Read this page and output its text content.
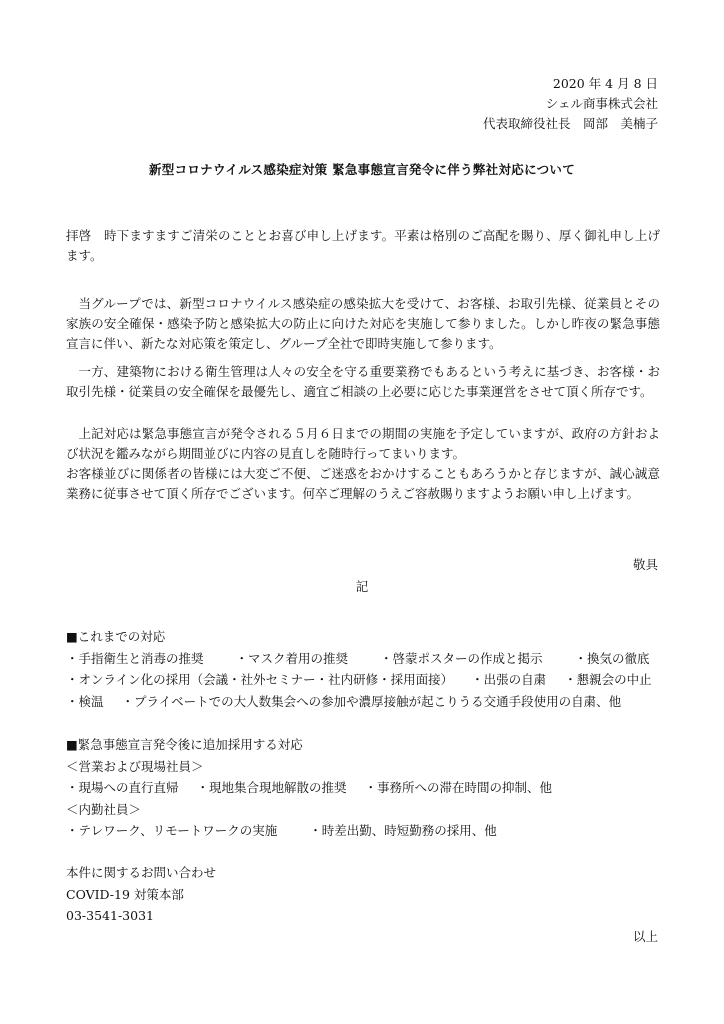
2020 年 4 月 8 日
シェル商事株式会社
代表取締役社長　岡部　美楠子
新型コロナウイルス感染症対策 緊急事態宣言発令に伴う弊社対応について
拝啓　時下ますますご清栄のこととお喜び申し上げます。平素は格別のご高配を賜り、厚く御礼申し上げます。
当グループでは、新型コロナウイルス感染症の感染拡大を受けて、お客様、お取引先様、従業員とその家族の安全確保・感染予防と感染拡大の防止に向けた対応を実施して参りました。しかし昨夜の緊急事態宣言に伴い、新たな対応策を策定し、グループ全社で即時実施して参ります。
一方、建築物における衛生管理は人々の安全を守る重要業務でもあるという考えに基づき、お客様・お取引先様・従業員の安全確保を最優先し、適宜ご相談の上必要に応じた事業運営をさせて頂く所存です。
上記対応は緊急事態宣言が発令される５月６日までの期間の実施を予定していますが、政府の方針および状況を鑑みながら期間並びに内容の見直しを随時行ってまいります。
お客様並びに関係者の皆様には大変ご不便、ご迷惑をおかけすることもあろうかと存じますが、誠心誠意業務に従事させて頂く所存でございます。何卒ご理解のうえご容赦賜りますようお願い申し上げます。
敬具
記
■これまでの対応
・手指衛生と消毒の推奨	・マスク着用の推奨	・啓蒙ポスターの作成と掲示	・換気の徹底
・オンライン化の採用（会議・社外セミナー・社内研修・採用面接） ・出張の自粛 ・懇親会の中止
・検温 ・プライベートでの大人数集会への参加や濃厚接触が起こりうる交通手段使用の自粛、他
■緊急事態宣言発令後に追加採用する対応
＜営業および現場社員＞
・現場への直行直帰 ・現地集合現地解散の推奨 ・事務所への滞在時間の抑制、他
＜内勤社員＞
・テレワーク、リモートワークの実施	・時差出勤、時短勤務の採用、他
本件に関するお問い合わせ
COVID-19 対策本部
03-3541-3031
以上
